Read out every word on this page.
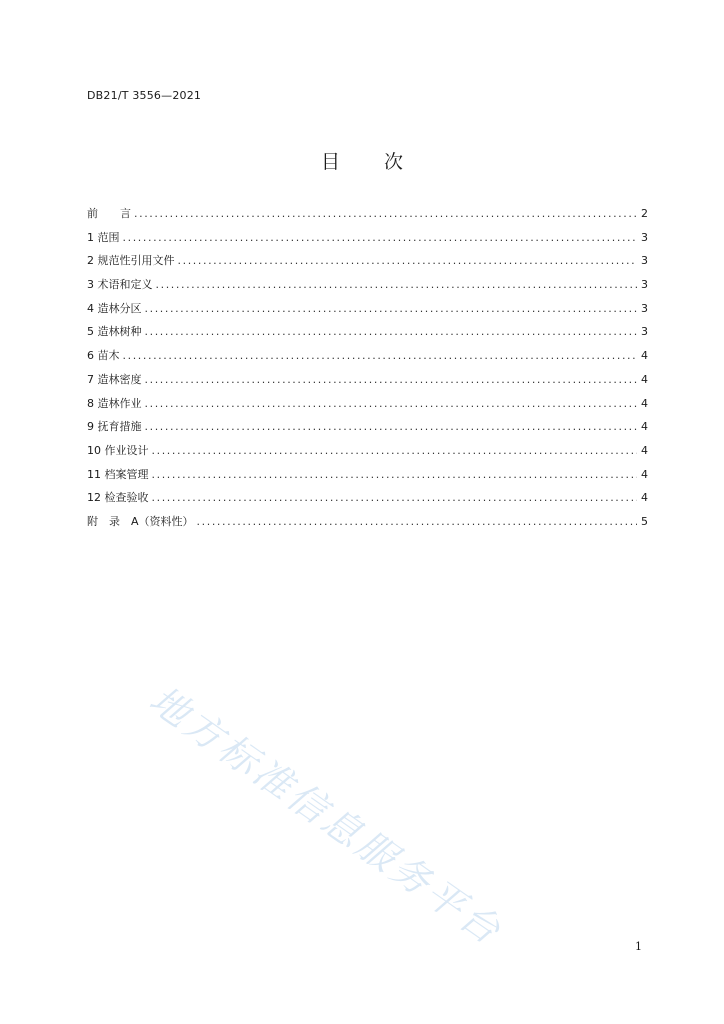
DB21/T 3556—2021
目 次
前　　言 .....	2
1 范围 .....	3
2 规范性引用文件 .....	3
3 术语和定义 .....	3
4 造林分区 .....	3
5 造林树种 .....	3
6 苗木 .....	4
7 造林密度 .....	4
8 造林作业 .....	4
9 抚育措施 .....	4
10 作业设计 .....	4
11 档案管理 .....	4
12 检查验收 .....	4
附　录　A（资料性） .....	5
地方标准信息服务平台	1
